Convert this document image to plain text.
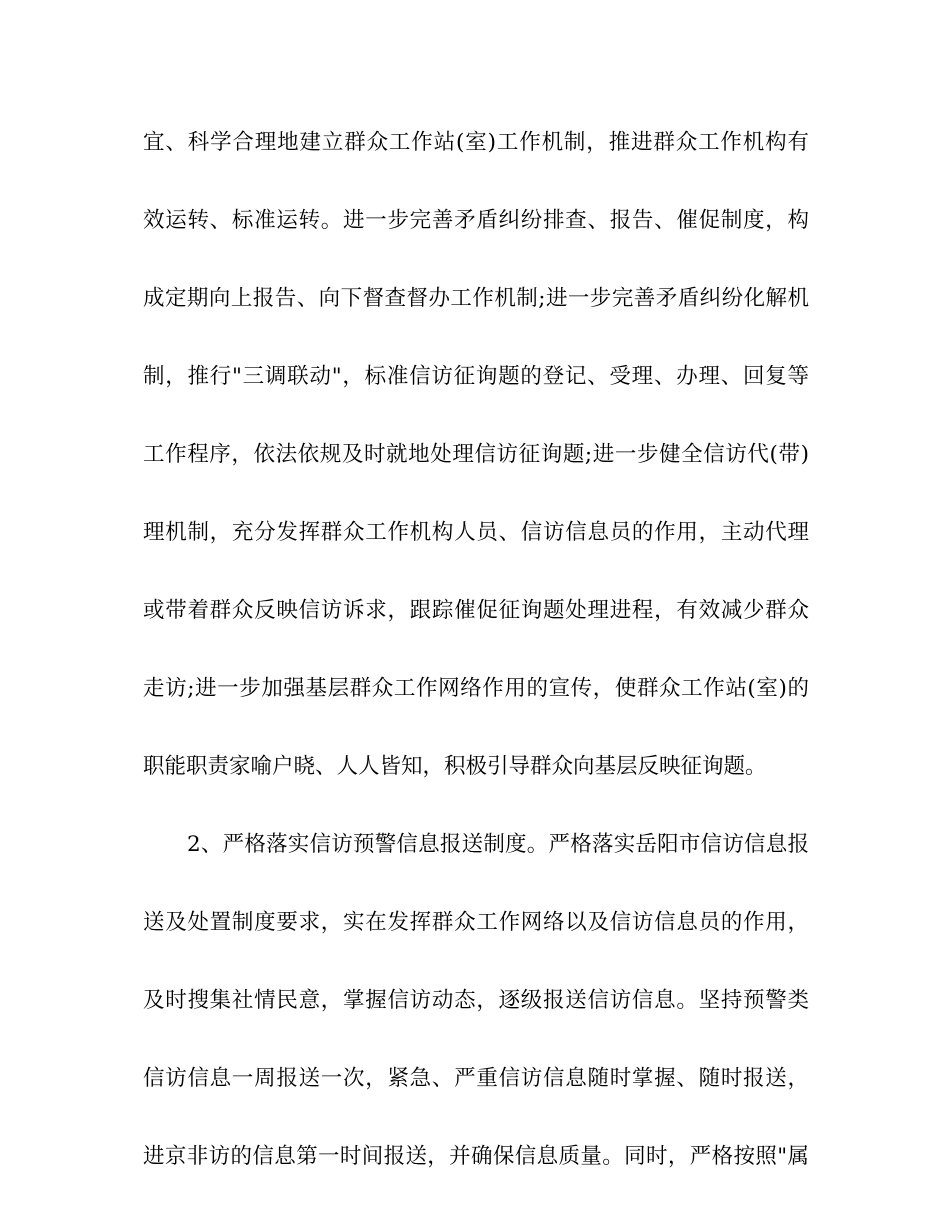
宜、科学合理地建立群众工作站(室)工作机制，推进群众工作机构有
效运转、标准运转。进一步完善矛盾纠纷排查、报告、催促制度，构
成定期向上报告、向下督查督办工作机制;进一步完善矛盾纠纷化解机
制，推行"三调联动"，标准信访征询题的登记、受理、办理、回复等
工作程序，依法依规及时就地处理信访征询题;进一步健全信访代(带)
理机制，充分发挥群众工作机构人员、信访信息员的作用，主动代理
或带着群众反映信访诉求，跟踪催促征询题处理进程，有效减少群众
走访;进一步加强基层群众工作网络作用的宣传，使群众工作站(室)的
职能职责家喻户晓、人人皆知，积极引导群众向基层反映征询题。
2、严格落实信访预警信息报送制度。严格落实岳阳市信访信息报
送及处置制度要求，实在发挥群众工作网络以及信访信息员的作用，
及时搜集社情民意，掌握信访动态，逐级报送信访信息。坚持预警类
信访信息一周报送一次，紧急、严重信访信息随时掌握、随时报送，
进京非访的信息第一时间报送，并确保信息质量。同时，严格按照"属
